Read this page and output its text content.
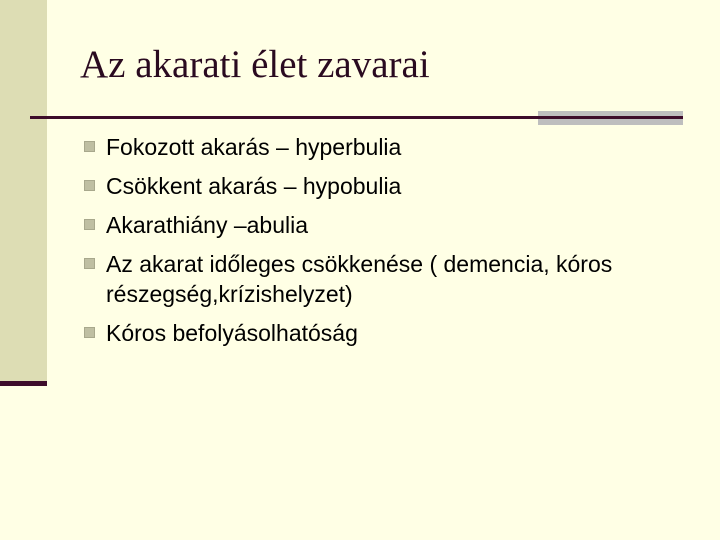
Az akarati élet zavarai
Fokozott akarás – hyperbulia
Csökkent akarás – hypobulia
Akarathiány –abulia
Az akarat időleges csökkenése ( demencia, kóros részegség,krízishelyzet)
Kóros befolyásolhatóság
